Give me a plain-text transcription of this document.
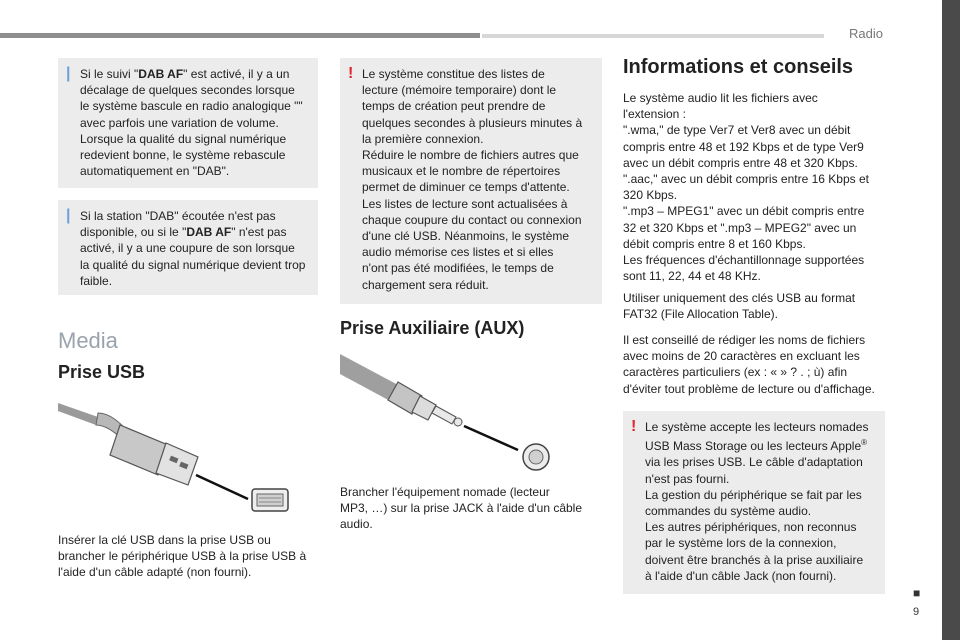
Radio
■
9
| Si le suivi "DAB AF" est activé, il y a un
décalage de quelques secondes lorsque
le système bascule en radio analogique ""
avec parfois une variation de volume.
Lorsque la qualité du signal numérique
redevient bonne, le système rebascule
automatiquement en "DAB".

| Si la station "DAB" écoutée n'est pas
disponible, ou si le "DAB AF" n'est pas
activé, il y a une coupure de son lorsque
la qualité du signal numérique devient trop
faible.

Media
Prise USB
Insérer la clé USB dans la prise USB ou
brancher le périphérique USB à la prise USB à
l'aide d'un câble adapté (non fourni).
! Le système constitue des listes de
lecture (mémoire temporaire) dont le
temps de création peut prendre de
quelques secondes à plusieurs minutes à
la première connexion.
Réduire le nombre de fichiers autres que
musicaux et le nombre de répertoires
permet de diminuer ce temps d'attente.
Les listes de lecture sont actualisées à
chaque coupure du contact ou connexion
d'une clé USB. Néanmoins, le système
audio mémorise ces listes et si elles
n'ont pas été modifiées, le temps de
chargement sera réduit.

Prise Auxiliaire (AUX)
Brancher l'équipement nomade (lecteur
MP3, …) sur la prise JACK à l'aide d'un câble
audio.
Informations et conseils
Le système audio lit les fichiers avec
l'extension :
".wma," de type Ver7 et Ver8 avec un débit
compris entre 48 et 192 Kbps et de type Ver9
avec un débit compris entre 48 et 320 Kbps.
".aac," avec un débit compris entre 16 Kbps et
320 Kbps.
".mp3 – MPEG1" avec un débit compris entre
32 et 320 Kbps et ".mp3 – MPEG2" avec un
débit compris entre 8 et 160 Kbps.
Les fréquences d'échantillonnage supportées
sont 11, 22, 44 et 48 KHz.
Utiliser uniquement des clés USB au format
FAT32 (File Allocation Table).
Il est conseillé de rédiger les noms de fichiers
avec moins de 20 caractères en excluant les
caractères particuliers (ex : « » ? . ; ù) afin
d'éviter tout problème de lecture ou d'affichage.
! Le système accepte les lecteurs nomades
USB Mass Storage ou les lecteurs Apple®
via les prises USB. Le câble d'adaptation
n'est pas fourni.
La gestion du périphérique se fait par les
commandes du système audio.
Les autres périphériques, non reconnus
par le système lors de la connexion,
doivent être branchés à la prise auxiliaire
à l'aide d'un câble Jack (non fourni).
